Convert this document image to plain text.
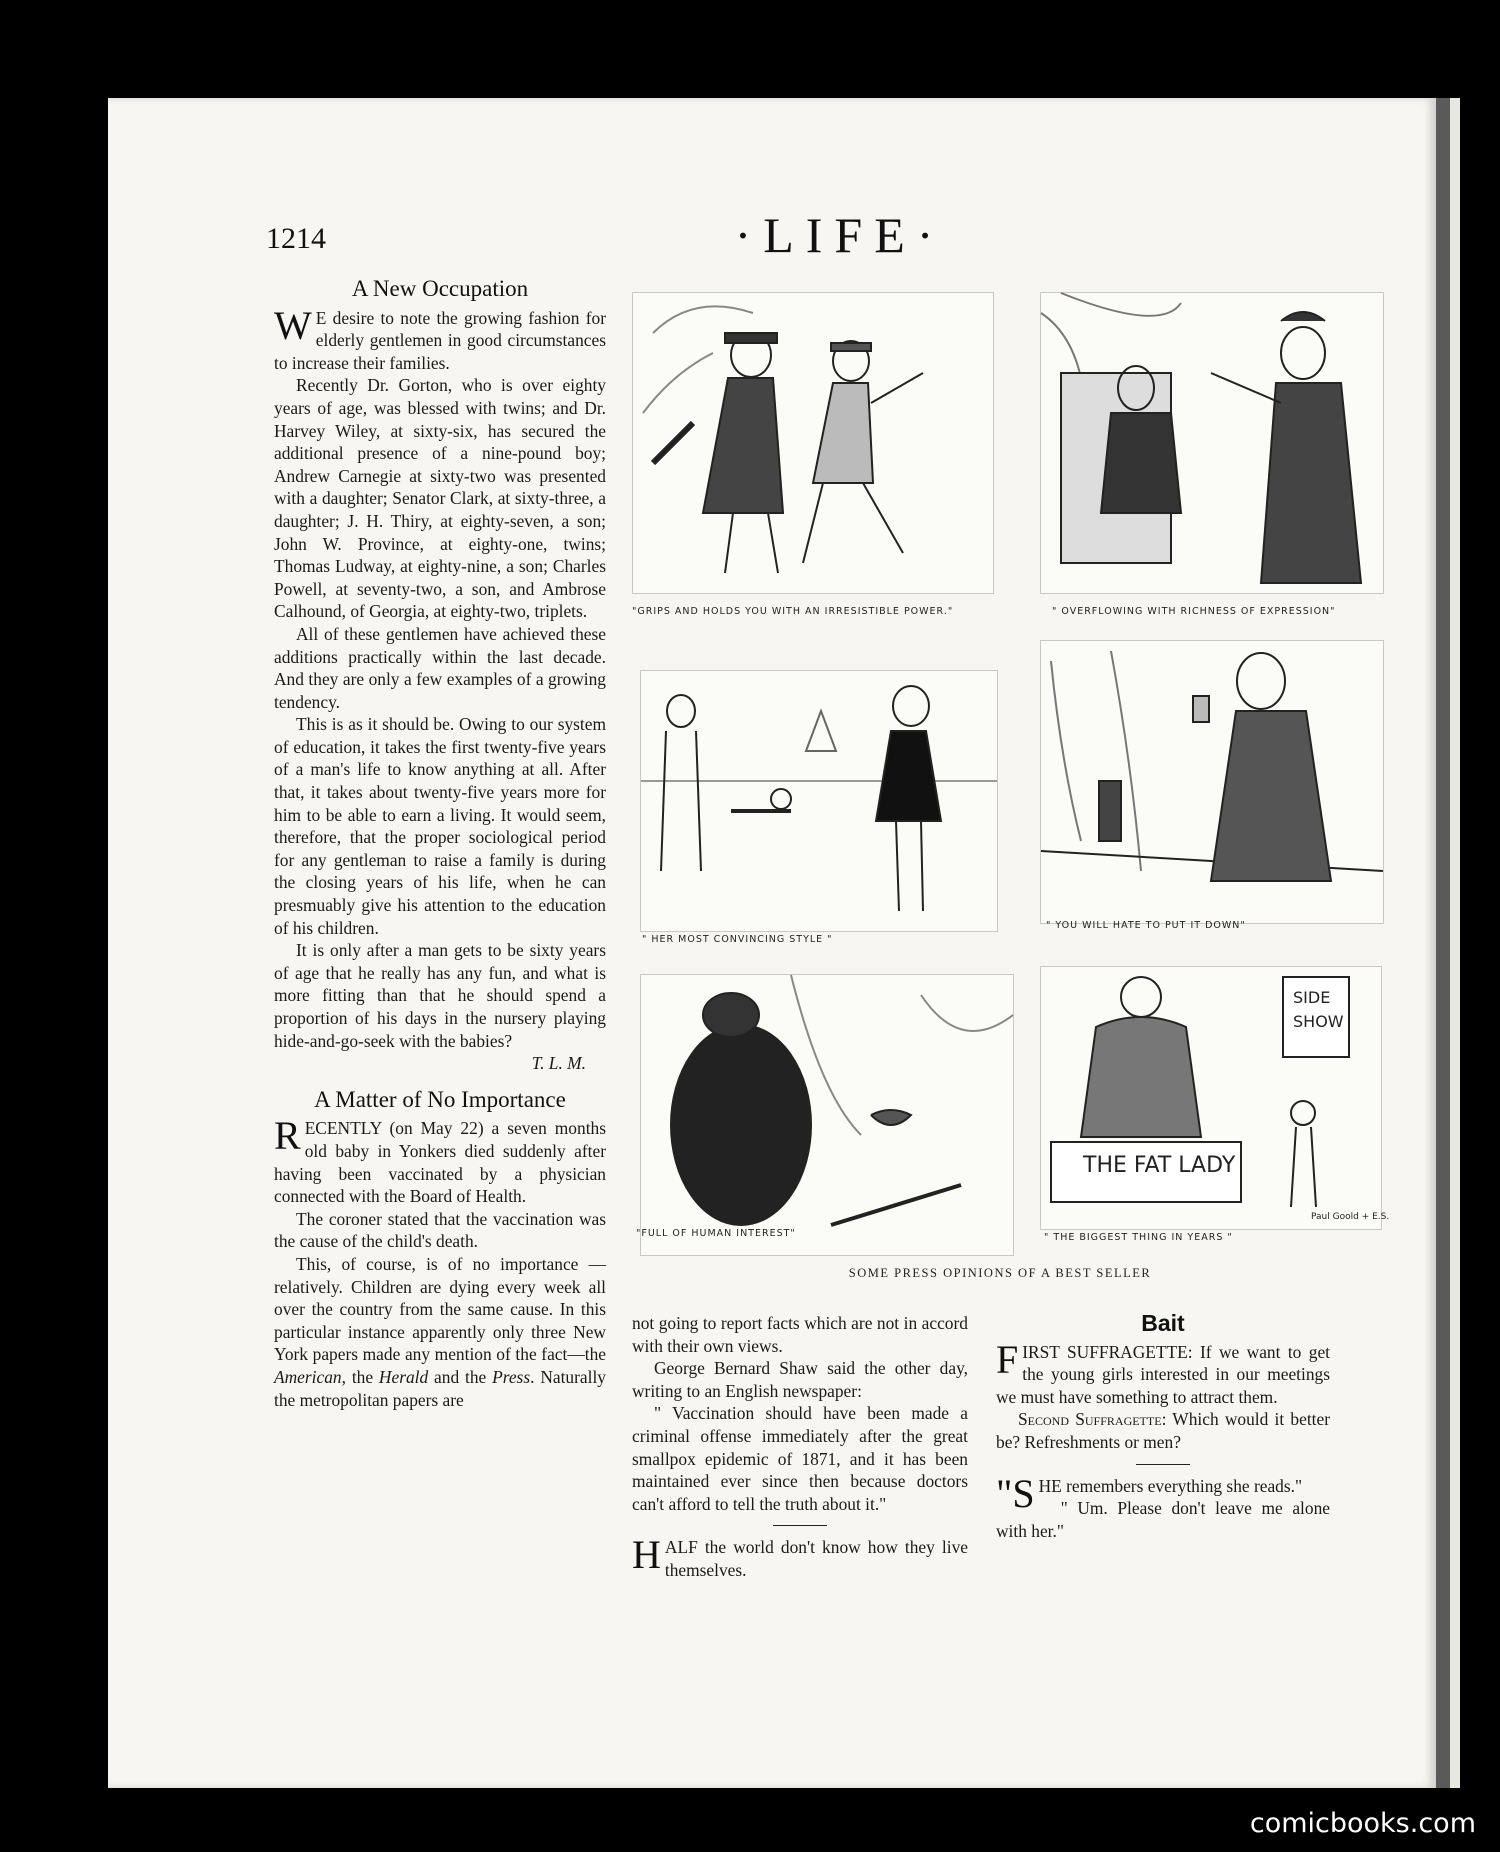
1214	·LIFE·
A New Occupation

W E desire to note the growing fashion for elderly gentlemen in good circumstances to increase their families.

Recently Dr. Gorton, who is over eighty years of age, was blessed with twins; and Dr. Harvey Wiley, at sixty-six, has secured the additional presence of a nine-pound boy; Andrew Carnegie at sixty-two was presented with a daughter; Senator Clark, at sixty-three, a daughter; J. H. Thiry, at eighty-seven, a son; John W. Province, at eighty-one, twins; Thomas Ludway, at eighty-nine, a son; Charles Powell, at seventy-two, a son, and Ambrose Calhound, of Georgia, at eighty-two, triplets.

All of these gentlemen have achieved these additions practically within the last decade. And they are only a few examples of a growing tendency.

This is as it should be. Owing to our system of education, it takes the first twenty-five years of a man's life to know anything at all. After that, it takes about twenty-five years more for him to be able to earn a living. It would seem, therefore, that the proper sociological period for any gentleman to raise a family is during the closing years of his life, when he can presmuably give his attention to the education of his children.

It is only after a man gets to be sixty years of age that he really has any fun, and what is more fitting than that he should spend a proportion of his days in the nursery playing hide-and-go-seek with the babies?

T. L. M.
A Matter of No Importance

RECENTLY (on May 22) a seven months old baby in Yonkers died suddenly after having been vaccinated by a physician connected with the Board of Health.

The coroner stated that the vaccination was the cause of the child's death.

This, of course, is of no importance —relatively. Children are dying every week all over the country from the same cause. In this particular instance apparently only three New York papers made any mention of the fact—the American, the Herald and the Press. Naturally the metropolitan papers are

not going to report facts which are not in accord with their own views.

George Bernard Shaw said the other day, writing to an English newspaper:

" Vaccination should have been made a criminal offense immediately after the great smallpox epidemic of 1871, and it has been maintained ever since then because doctors can't afford to tell the truth about it."

HALF the world don't know how they live themselves.

Bait

FIRST SUFFRAGETTE: If we want to get the young girls interested in our meetings we must have something to attract them.

Second Suffragette: Which would it better be? Refreshments or men?

"SHE remembers everything she reads."

" Um. Please don't leave me alone with her."

"GRIPS AND HOLDS YOU WITH AN IRRESISTIBLE POWER."	" OVERFLOWING WITH RICHNESS OF EXPRESSION"
" HER MOST CONVINCING STYLE "
" YOU WILL HATE TO PUT IT DOWN"
"FULL OF HUMAN INTEREST"
THE FAT LADY
SIDE
SHOW
Paul Goold + E.S.
" THE BIGGEST THING IN YEARS "
SOME PRESS OPINIONS OF A BEST SELLER
comicbooks.com
